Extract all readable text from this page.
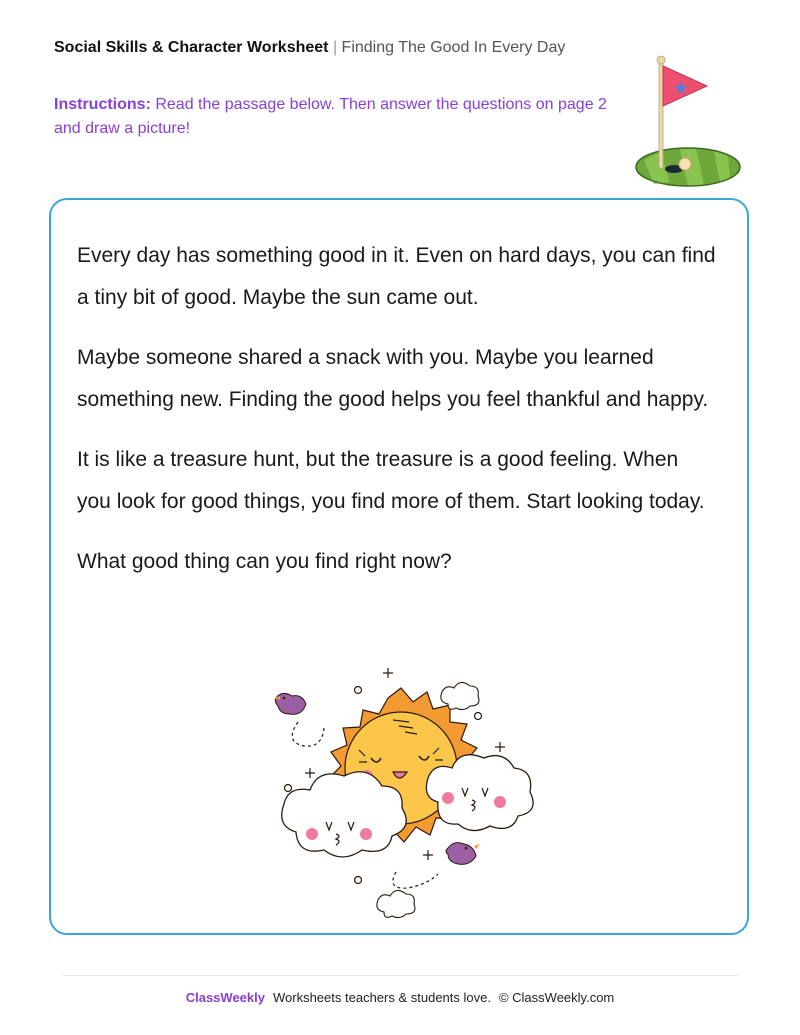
Social Skills & Character Worksheet | Finding The Good In Every Day
Instructions: Read the passage below. Then answer the questions on page 2 and draw a picture!

Every day has something good in it. Even on hard days, you can find a tiny bit of good. Maybe the sun came out.

Maybe someone shared a snack with you. Maybe you learned something new. Finding the good helps you feel thankful and happy.

It is like a treasure hunt, but the treasure is a good feeling. When you look for good things, you find more of them. Start looking today.

What good thing can you find right now?

ClassWeekly Worksheets teachers & students love. © ClassWeekly.com
